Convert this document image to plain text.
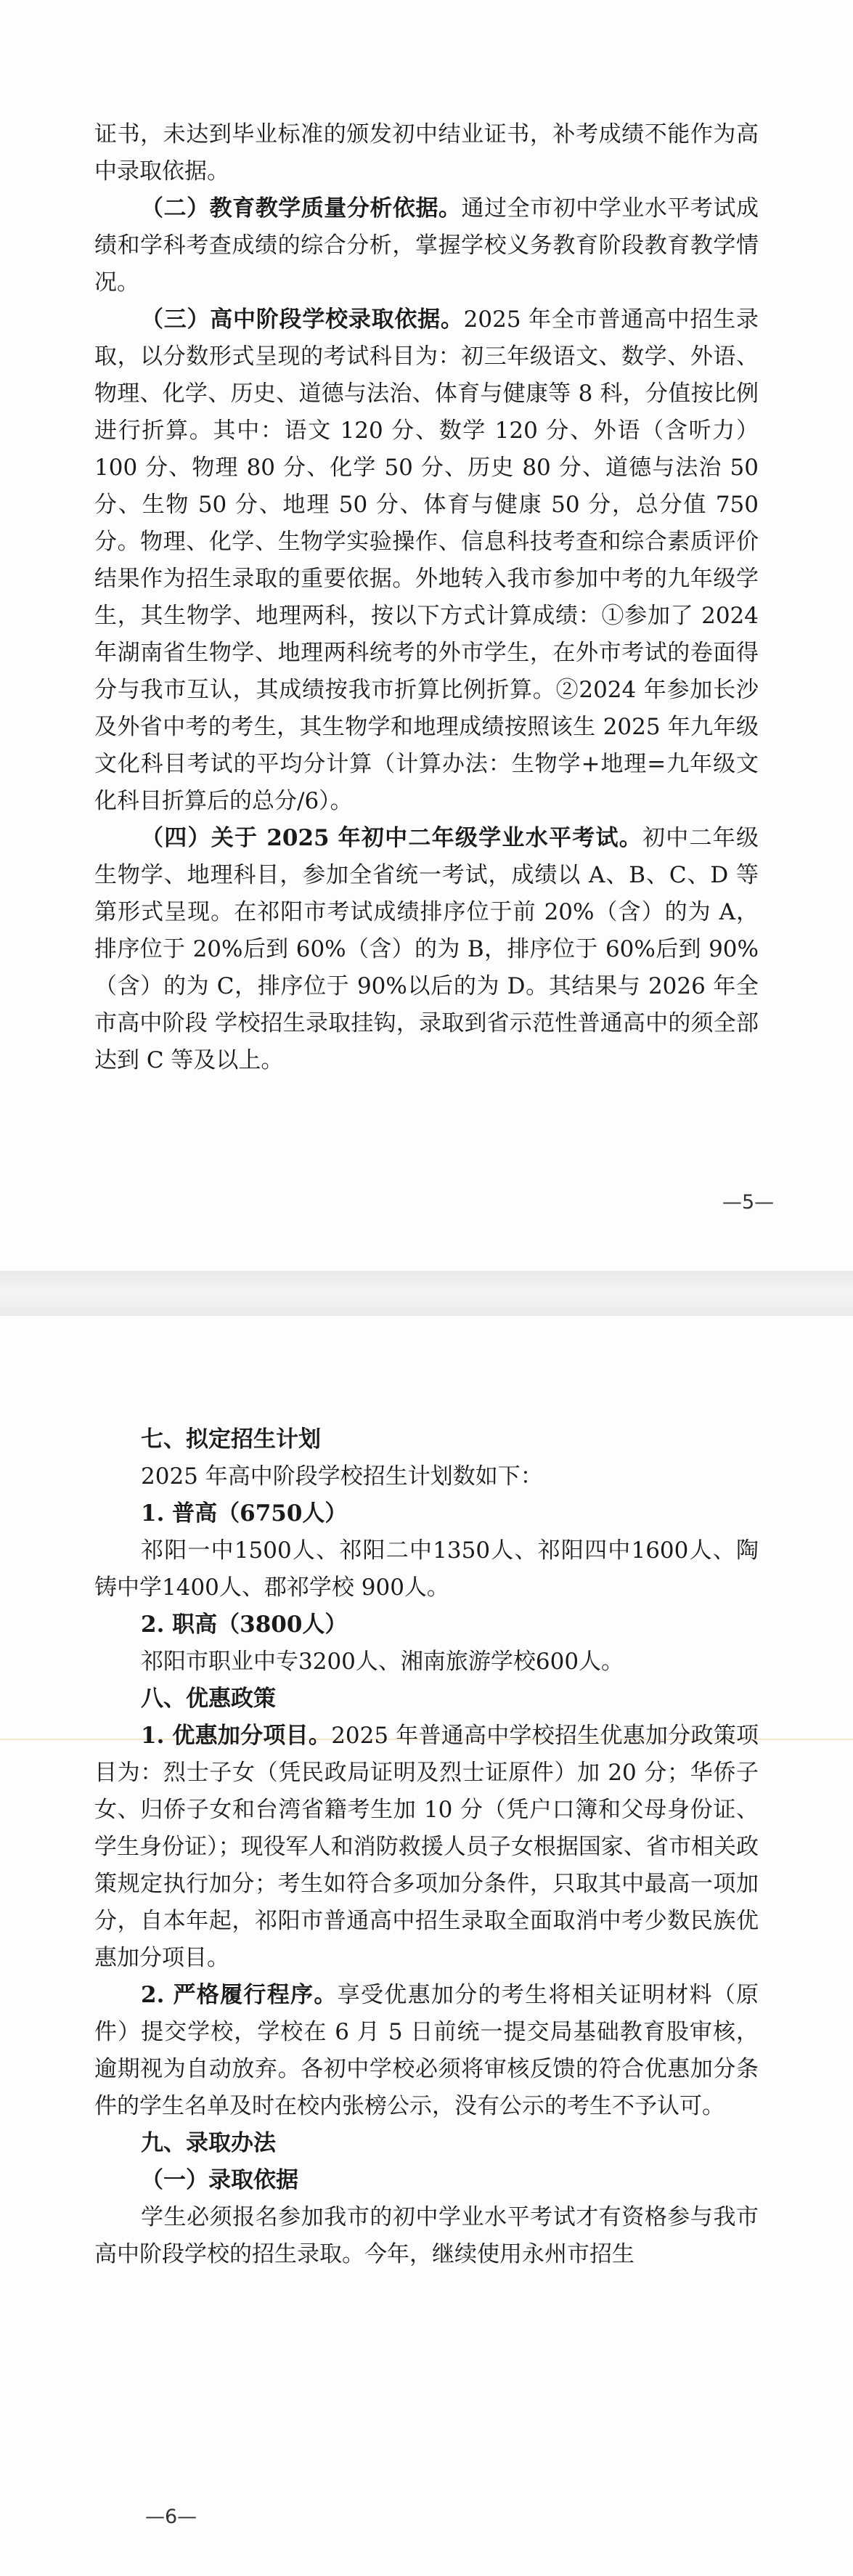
证书，未达到毕业标准的颁发初中结业证书，补考成绩不能作为高中录取依据。

（二）教育教学质量分析依据。通过全市初中学业水平考试成绩和学科考查成绩的综合分析，掌握学校义务教育阶段教育教学情况。

（三）高中阶段学校录取依据。2025 年全市普通高中招生录取，以分数形式呈现的考试科目为：初三年级语文、数学、外语、物理、化学、历史、道德与法治、体育与健康等 8 科，分值按比例进行折算。其中：语文 120 分、数学 120 分、外语（含听力）100 分、物理 80 分、化学 50 分、历史 80 分、道德与法治 50 分、生物 50 分、地理 50 分、体育与健康 50 分，总分值 750 分。物理、化学、生物学实验操作、信息科技考查和综合素质评价结果作为招生录取的重要依据。外地转入我市参加中考的九年级学生，其生物学、地理两科，按以下方式计算成绩：①参加了 2024 年湖南省生物学、地理两科统考的外市学生，在外市考试的卷面得分与我市互认，其成绩按我市折算比例折算。②2024 年参加长沙及外省中考的考生，其生物学和地理成绩按照该生 2025 年九年级文化科目考试的平均分计算（计算办法：生物学+地理=九年级文化科目折算后的总分/6）。

（四）关于 2025 年初中二年级学业水平考试。初中二年级生物学、地理科目，参加全省统一考试，成绩以 A、B、C、D 等第形式呈现。在祁阳市考试成绩排序位于前 20%（含）的为 A，排序位于 20%后到 60%（含）的为 B，排序位于 60%后到 90%（含）的为 C，排序位于 90%以后的为 D。其结果与 2026 年全市高中阶段 学校招生录取挂钩，录取到省示范性普通高中的须全部达到 C 等及以上。

—5—

七、拟定招生计划

2025 年高中阶段学校招生计划数如下：

1. 普高（6750人）

祁阳一中1500人、祁阳二中1350人、祁阳四中1600人、陶铸中学1400人、郡祁学校 900人。

2. 职高（3800人）

祁阳市职业中专3200人、湘南旅游学校600人。

八、优惠政策

1. 优惠加分项目。2025 年普通高中学校招生优惠加分政策项目为：烈士子女（凭民政局证明及烈士证原件）加 20 分；华侨子女、归侨子女和台湾省籍考生加 10 分（凭户口簿和父母身份证、学生身份证）；现役军人和消防救援人员子女根据国家、省市相关政策规定执行加分；考生如符合多项加分条件，只取其中最高一项加分，自本年起，祁阳市普通高中招生录取全面取消中考少数民族优惠加分项目。

2. 严格履行程序。享受优惠加分的考生将相关证明材料（原件）提交学校，学校在 6 月 5 日前统一提交局基础教育股审核，逾期视为自动放弃。各初中学校必须将审核反馈的符合优惠加分条件的学生名单及时在校内张榜公示，没有公示的考生不予认可。

九、录取办法

（一）录取依据

学生必须报名参加我市的初中学业水平考试才有资格参与我市高中阶段学校的招生录取。今年，继续使用永州市招生

—6—
